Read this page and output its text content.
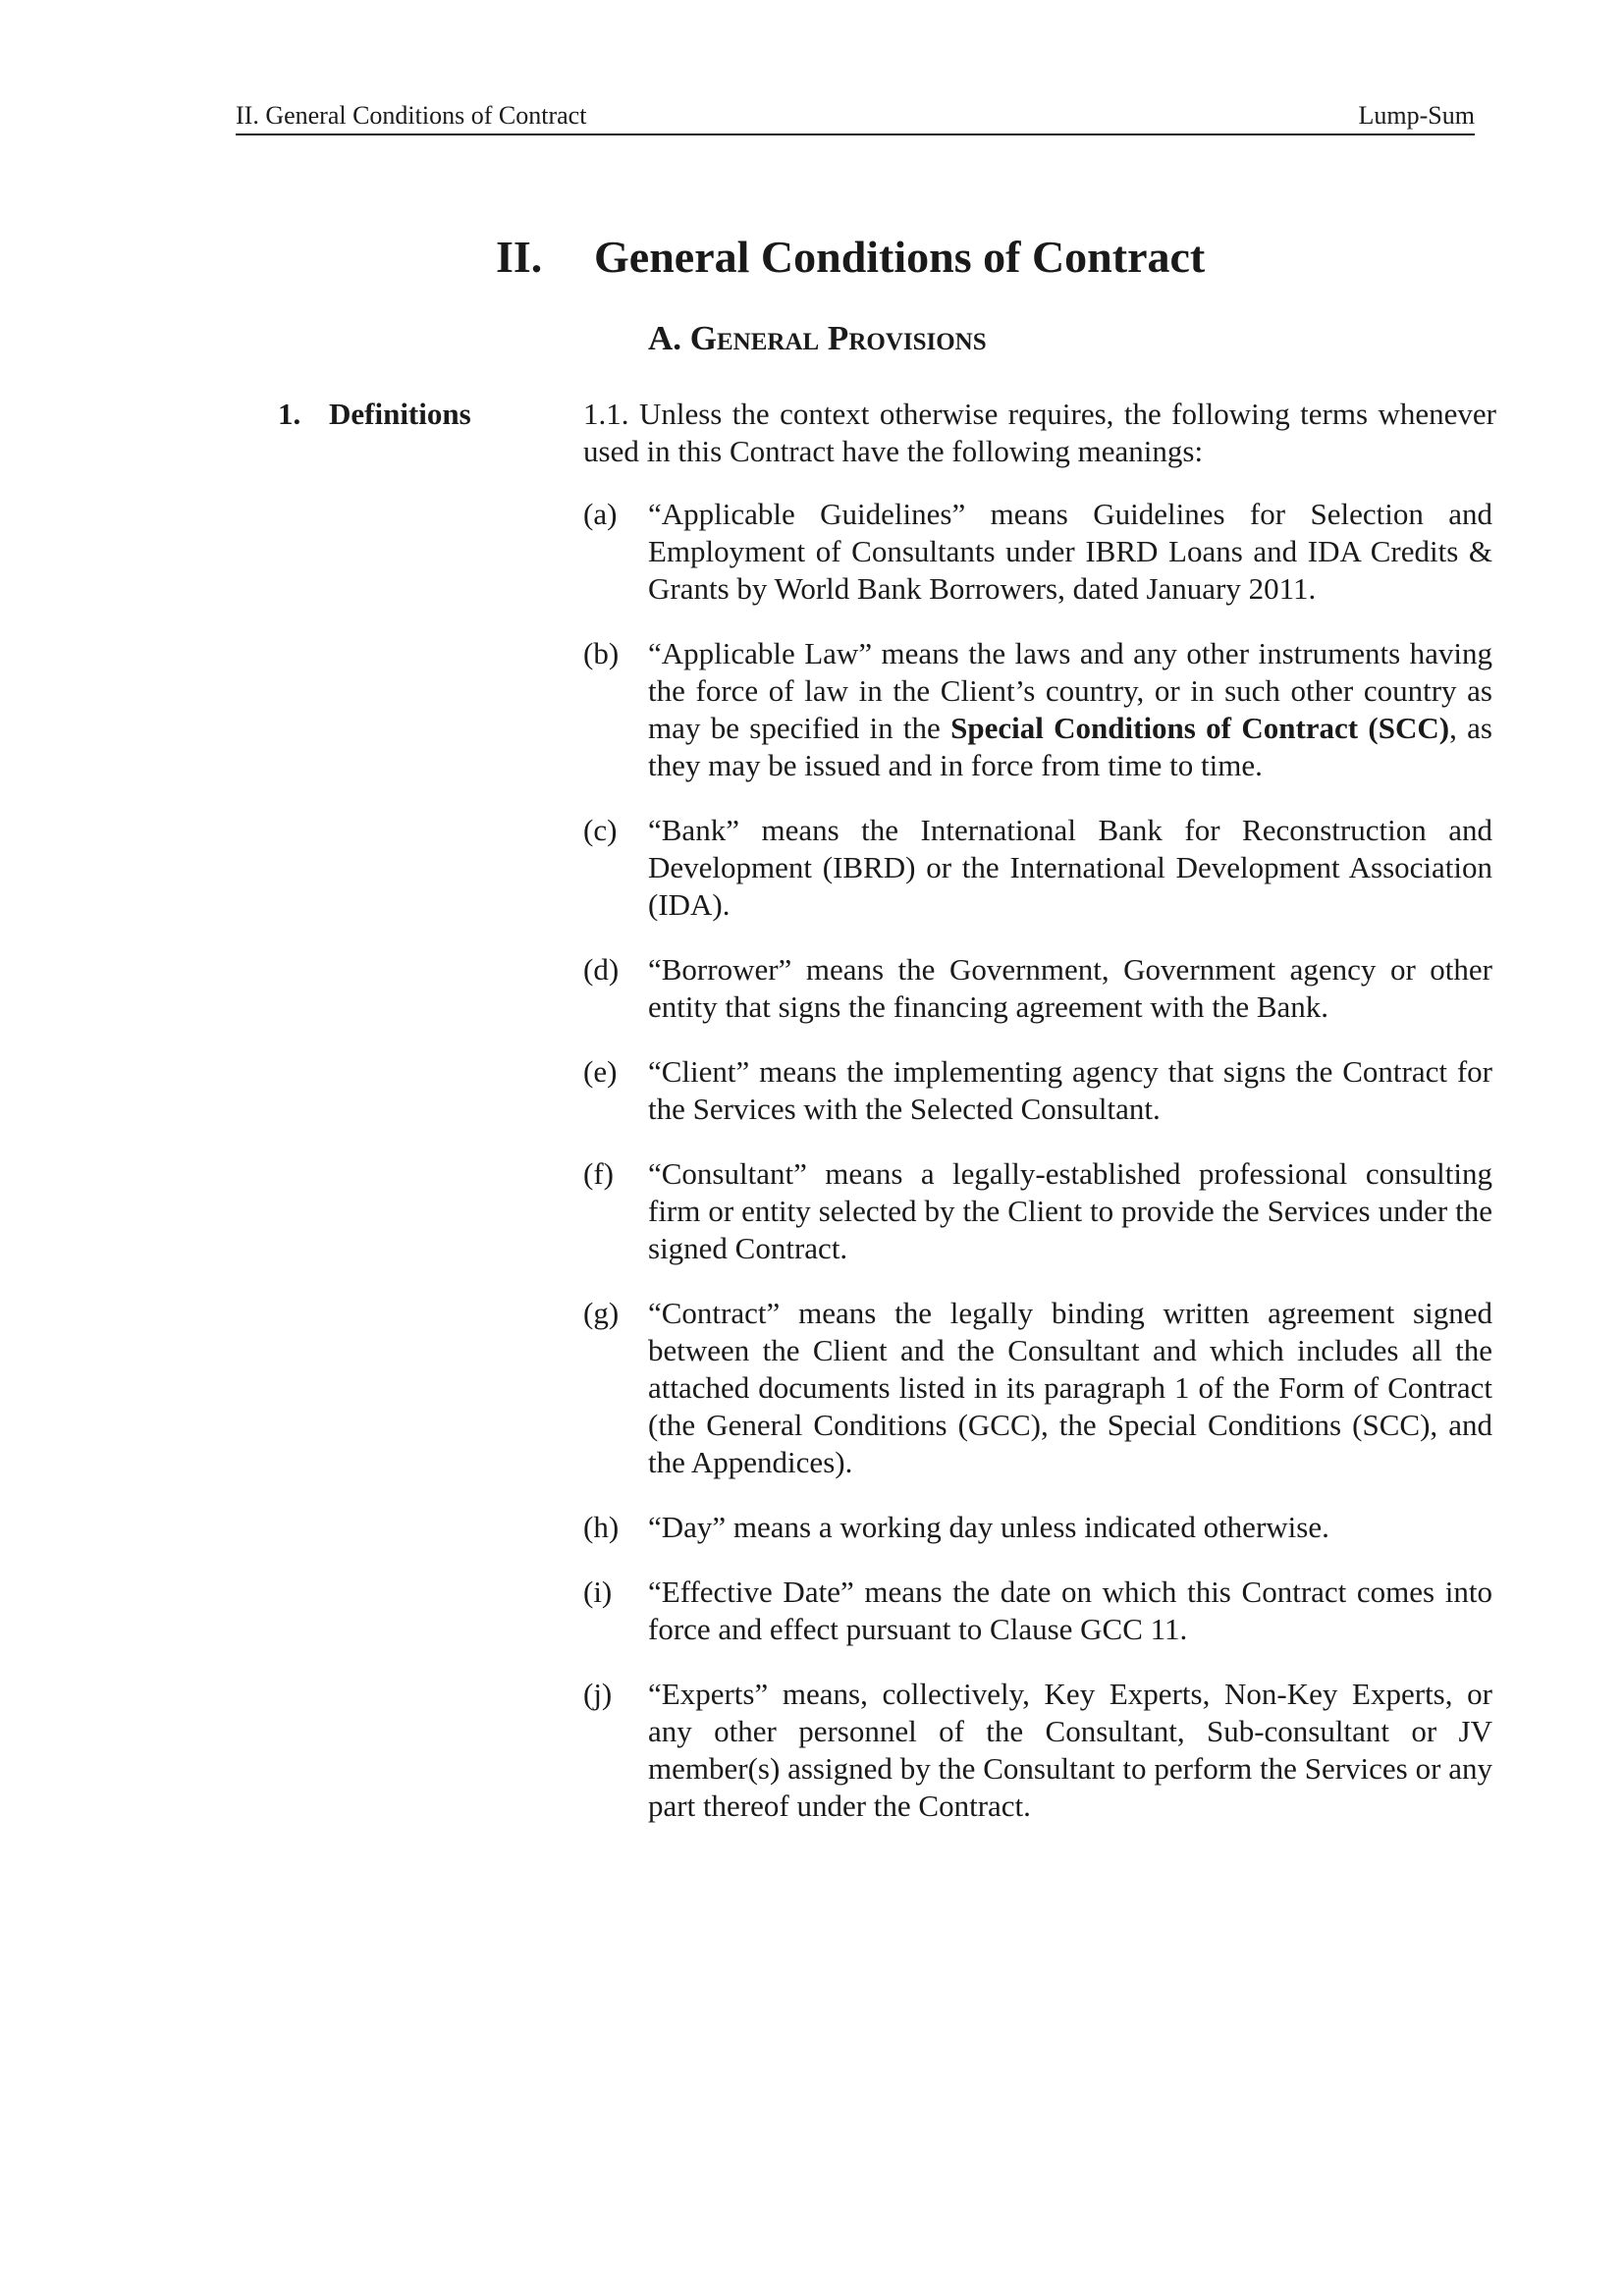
II. General Conditions of Contract	Lump-Sum
II. General Conditions of Contract
A. General Provisions
1. Definitions	1.1. Unless the context otherwise requires, the following terms whenever used in this Contract have the following meanings:
(a)	“Applicable Guidelines” means Guidelines for Selection and Employment of Consultants under IBRD Loans and IDA Credits & Grants by World Bank Borrowers, dated January 2011.
(b) “Applicable Law” means the laws and any other instruments having the force of law in the Client’s country, or in such other country as may be specified in the Special Conditions of Contract (SCC), as they may be issued and in force from time to time.
(c)	“Bank” means the International Bank for Reconstruction and Development (IBRD) or the International Development Association (IDA).
(d) “Borrower” means the Government, Government agency or other entity that signs the financing agreement with the Bank.
(e)	“Client” means the implementing agency that signs the Contract for the Services with the Selected Consultant.
(f)	“Consultant” means a legally-established professional consulting firm or entity selected by the Client to provide the Services under the signed Contract.
(g) “Contract” means the legally binding written agreement signed between the Client and the Consultant and which includes all the attached documents listed in its paragraph 1 of the Form of Contract (the General Conditions (GCC), the Special Conditions (SCC), and the Appendices).
(h) “Day” means a working day unless indicated otherwise.
(i)	“Effective Date” means the date on which this Contract comes into force and effect pursuant to Clause GCC 11.
(j)	“Experts” means, collectively, Key Experts, Non-Key Experts, or any other personnel of the Consultant, Sub-consultant or JV member(s) assigned by the Consultant to perform the Services or any part thereof under the Contract.
